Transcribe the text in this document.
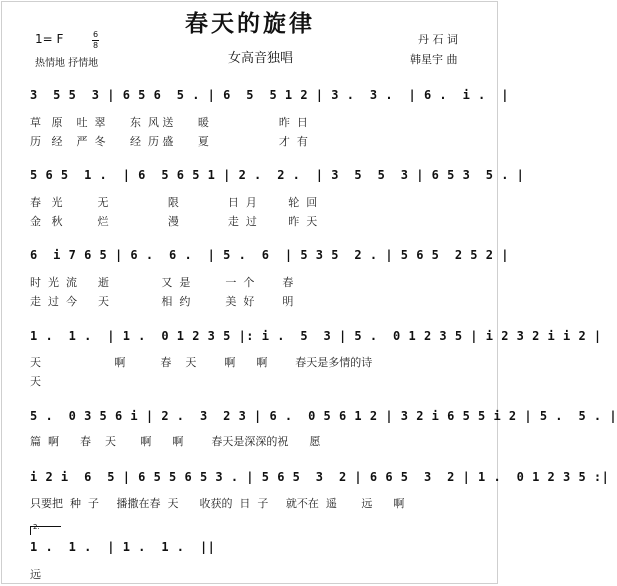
春天的旋律
1= F	6
8
热情地 抒情地	女高音独唱
丹 石 词
韩星宇 曲
3  5 5  3 | 6 5 6  5 . | 6  5  5 1 2 | 3 .  3 .  | 6 .  i .  |
草   原    吐  翠       东  风 送       暖                    昨  日
历   经    严  冬       经  历 盛       夏                    才  有
5 6 5  1 .  | 6  5 6 5 1 | 2 .  2 .  | 3  5  5  3 | 6 5 3  5 . |
春   光          无                 限              日  月         轮  回
金   秋          烂                 漫              走  过         昨  天
6  i 7 6 5 | 6 .  6 .  | 5 .  6  | 5 3 5  2 . | 5 6 5  2 5 2 |
时  光  流      逝               又  是          一  个        春
走  过  今      天               相  约          美  好        明
1 .  1 .  | 1 .  0 1 2 3 5 |: i .  5  3 | 5 .  0 1 2 3 5 | i 2 3 2 i i 2 |
天                     啊          春    天        啊      啊        春天是多情的诗
天
5 .  0 3 5 6 i | 2 .  3  2 3 | 6 .  0 5 6 1 2 | 3 2 i 6 5 5 i 2 | 5 .  5 . |
篇  啊      春    天       啊      啊        春天是深深的祝      愿
i 2 i  6  5 | 6 5 5 6 5 3 . | 5 6 5  3  2 | 6 6 5  3  2 | 1 .  0 1 2 3 5 :|
只要把  种  子     播撒在春  天      收获的  日  子     就不在  遥       远      啊
2.
1 .  1 .  | 1 .  1 .  ||
远
